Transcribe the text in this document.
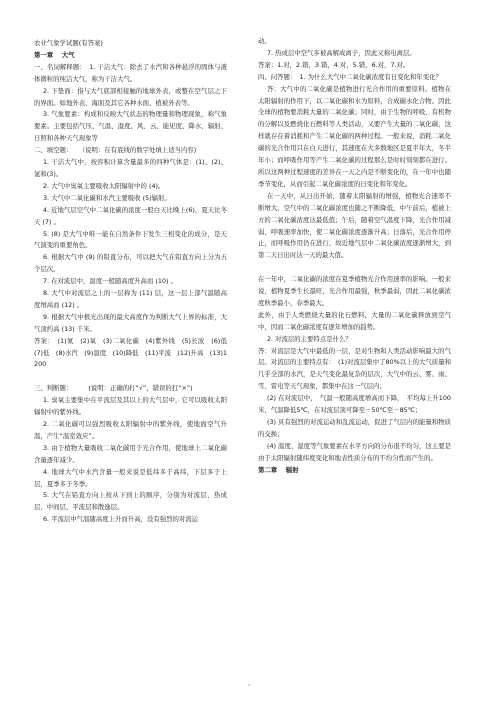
农业气象学试题(有答案)

第一章　 大气

一、名词解释题：　1. 干洁大气：除去了水汽和各种悬浮的固体与液体微粒的纯洁大气，称为干洁大气。

2. 下垫面：指与大气底部相接触的地球外表，或整在空气层之下的界面。如地外表、海面及其它各种水面、植被外表等。

3. 气象要素：构成和反映大气状态的物理量和物理现象，称气象要素。主要包括气压、气温、湿度、风、云、能见度、降水、辐射、日照和各种天气现象等

二、填空题：　　（说明：在有底线的数字处填上适当内容)

1. 干洁大气中，按容积计算含量最多的四种气体是：(1)、(2)、氩和(3)。

2. 大气中臭氧主要吸收太阳辐射中的 (4)。

3. 大气中二氧化碳和水汽主要吸收 (5)辐射。

4. 近地气层空气中二氧化碳的浓度一般白天比晚上(6)，夏天比冬天 (7) 。

5. (8) 是大气中唯一能在自然条件下发生三相变化的成分，是天气演变的重要角色。

6. 根据大气中 (9) 的铅直分布，可以把大气在铅直方向上分为五个层次。

7. 在对流层中，温度一般随高度升高而 (10) 。

8. 大气中对流层之上的一层称为 (11) 层，这一层上部气温随高度增高而 (12) 。

9. 根据大气中极光出现的最大高度作为判断大气上界的标准，大气顶约高 (13) 千米。

答案：　(1)氮　(2)氧　(3)二氧化碳　(4)紫外线　(5)长波　(6)低　(7)低　(8)水汽　(9)温度　(10)降低　(11)平流　(12)升高　(13)1200

三、判断题：　　　(说明：正确的打“√”，错误的打“×”)

1. 臭氧主要集中在平流层及其以上的大气层中，它可以吸收太阳辐射中的紫外线。

2. 二氧化碳可以强烈吸收太阳辐射中的紫外线，使地面空气升温，产生“温室效应”。

3. 由于植物大量吸收二氧化碳用于光合作用，使地球上二氧化碳含量逐年减少。

4. 地球大气中水汽含量一般来说是低纬多于高纬，下层多于上层，夏季多于冬季。

5. 大气在铅直方向上按从下到上的顺序，分别为对流层、热成层、中间层、平流层和散逸层。

6. 平流层中气温随高度上升而升高，没有强烈的对流运

动。

7. 热成层中空气多被高解成离子，因此又称电离层。

答案：1.对，2.错，3.错，4.对，5.错，6.对，7.对。

四、问答题：　1. 为什么大气中二氧化碳浓度有日变化和年变化？

答：大气中的二氧化碳是植物进行光合作用的重要原料。植物在太阳辐射的作用下，以二氧化碳和水为原料，合成碳水化合物。因此全球的植物要消耗大量的二氧化碳；同时，由于生物的呼吸、有机物的分解以及燃烧化石燃料等人类活动，又要产生大量的二氧化碳，这样就存在着消耗和产生二氧化碳的两种过程。一般来说，消耗二氧化碳的光合作用只在白天进行，其速度在大多数地区是夏半年大，冬半年小；而呼吸作用等产生二氧化碳的过程那么是时时刻刻都在进行。所以这两种过程速度的差异在一天之内是不断变化的，在一年中也随季节变化，从而引起二氧化碳浓度的日变化和年变化。

在一天中，从日出开始，随着太阳辐射的增强，植物光合速率不断增大，空气中的二氧化碳浓度也随之不断降低，中午前后，植被上方的二氧化碳浓度达最低值；午后，随着空气温度下降，光合作用减弱，呼吸速率加快，使二氧化碳浓度逐渐升高；日落后，光合作用停止，而呼吸作用仍在进行，故近地气层中二氧化碳浓度逐渐增大，到第二天日出时达一天的最大值。

在一年中，二氧化碳的浓度在夏季植物光合作用速率的影响。一般来说，植物夏季生长最旺，光合作用最强，秋季最弱，因此二氧化碳浓度秋季最小，春季最大。

此外，由于人类燃烧大量的化石燃料，大量的二氧化碳释放到空气中，因而二氧化碳浓度有逐年增加的趋势。

2. 对流层的主要特点是什么？

答：对流层是大气中最低的一层，是对生物和人类活动影响最大的气层。对流层的主要特点有：　(1)对流层集中了80%以上的大气质量和几乎全部的水汽，是天气变化最复杂的层次，大气中的云、雾、雨、雪、雷电等天气现象，都集中在这一气层内；

(2) 在对流层中，　气温一般随高度增高而下降，　平均每上升100米，气温降低5℃，在对流层顶可降至－50℃至－85℃；

(3) 具有强烈的对流运动和乱流运动，促进了气层内的能量和物质的交换；

(4) 温度、湿度等气象要素在水平方向的分布很不均匀，这主要是由于太阳辐射随纬度变化和地表性质分布的不均匀性而产生的。

第二章　 辐射
